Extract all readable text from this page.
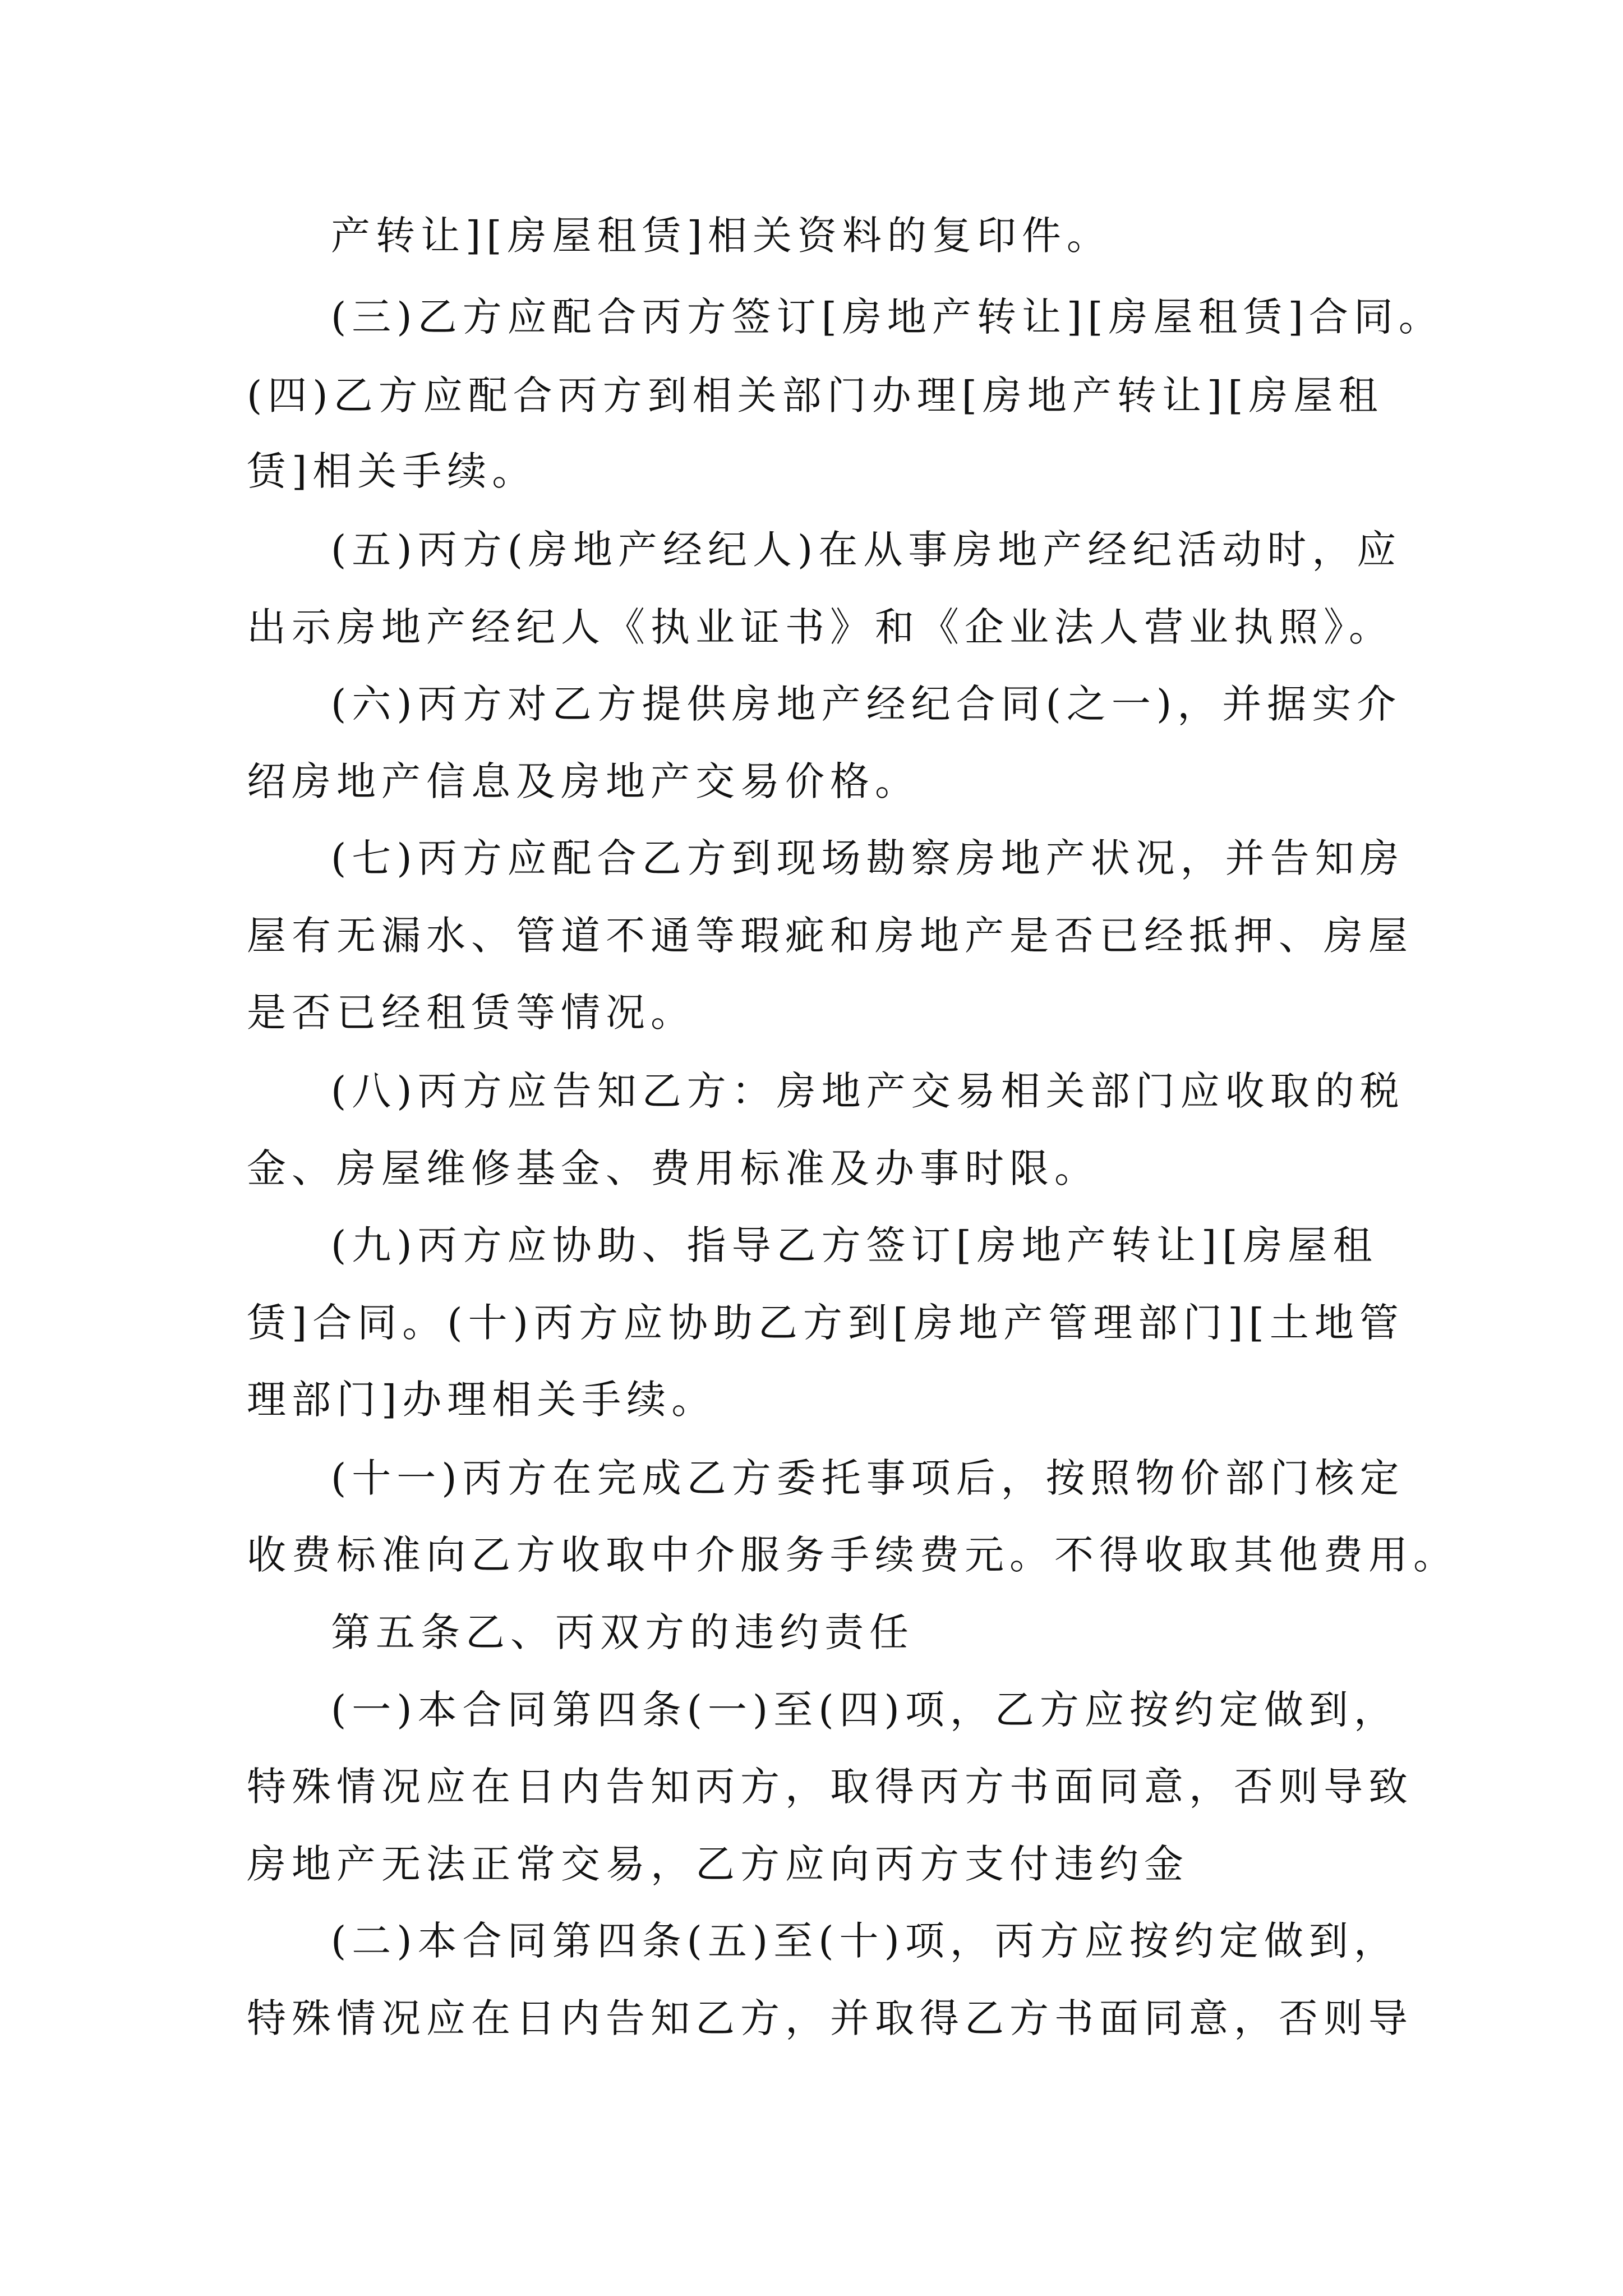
产转让][房屋租赁]相关资料的复印件。
(三)乙方应配合丙方签订[房地产转让][房屋租赁]合同。
(四)乙方应配合丙方到相关部门办理[房地产转让][房屋租
赁]相关手续。
(五)丙方(房地产经纪人)在从事房地产经纪活动时，应
出示房地产经纪人《执业证书》和《企业法人营业执照》。
(六)丙方对乙方提供房地产经纪合同(之一)，并据实介
绍房地产信息及房地产交易价格。
(七)丙方应配合乙方到现场勘察房地产状况，并告知房
屋有无漏水、管道不通等瑕疵和房地产是否已经抵押、房屋
是否已经租赁等情况。
(八)丙方应告知乙方：房地产交易相关部门应收取的税
金、房屋维修基金、费用标准及办事时限。
(九)丙方应协助、指导乙方签订[房地产转让][房屋租
赁]合同。(十)丙方应协助乙方到[房地产管理部门][土地管
理部门]办理相关手续。
(十一)丙方在完成乙方委托事项后，按照物价部门核定
收费标准向乙方收取中介服务手续费元。不得收取其他费用。
第五条乙、丙双方的违约责任
(一)本合同第四条(一)至(四)项，乙方应按约定做到，
特殊情况应在日内告知丙方，取得丙方书面同意，否则导致
房地产无法正常交易，乙方应向丙方支付违约金
(二)本合同第四条(五)至(十)项，丙方应按约定做到，
特殊情况应在日内告知乙方，并取得乙方书面同意，否则导
